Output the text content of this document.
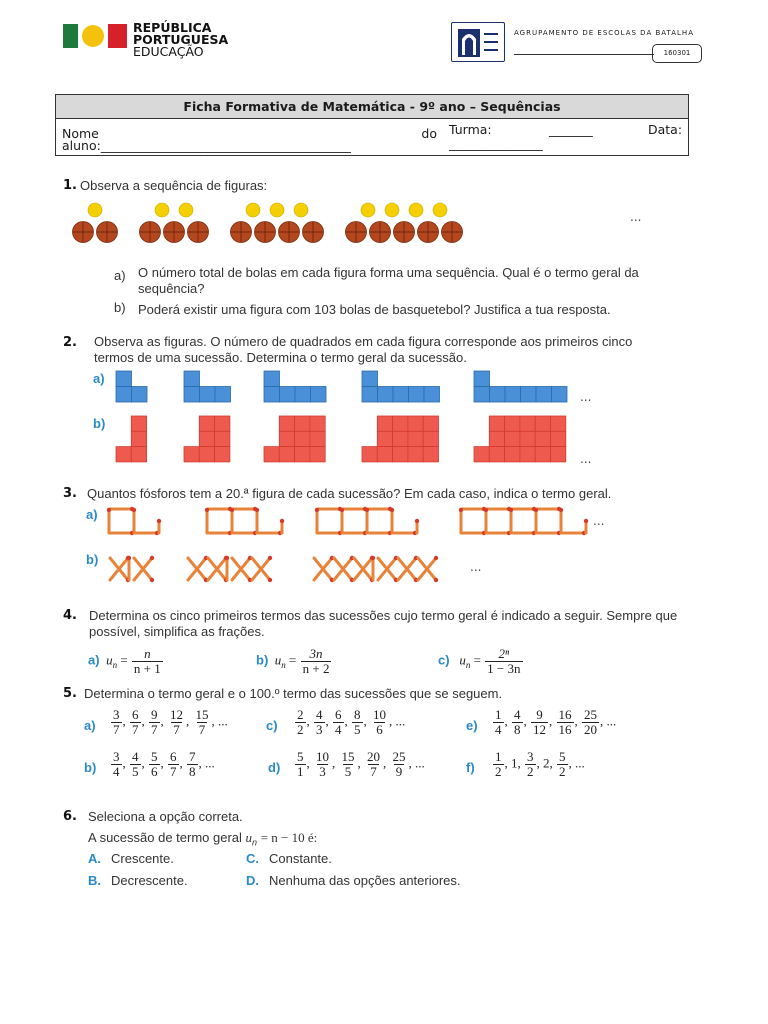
REPÚBLICA
PORTUGUESA
EDUCAÇÃO
AGRUPAMENTO DE ESCOLAS DA BATALHA
160301
Ficha Formativa de Matemática - 9º ano – Sequências
Nome	do
aluno:________________________________________
Turma:	_______	Data:
_______________
1. Observa a sequência de figuras:
...
a) O número total de bolas em cada figura forma uma sequência. Qual é o termo geral da sequência?
b) Poderá existir uma figura com 103 bolas de basquetebol? Justifica a tua resposta.
2. Observa as figuras. O número de quadrados em cada figura corresponde aos primeiros cinco termos de uma sucessão. Determina o termo geral da sucessão.
a)
...
b)
...
3. Quantos fósforos tem a 20.ª figura de cada sucessão? Em cada caso, indica o termo geral.
a)	...
b)	...
4. Determina os cinco primeiros termos das sucessões cujo termo geral é indicado a seguir. Sempre que possível, simplifica as frações.
a) $u_n = \frac{n}{n + 1}$	b) $u_n = \frac{3n}{n + 2}$	c) $u_n = \frac{\text{2ⁿ}}{1 - 3n}$
5. Determina o termo geral e o 100.º termo das sucessões que se seguem.
$a) \frac{3}{7}$ , $\frac{6}{7}$ , $\frac{9}{7}$ , $\frac{12}{7}$ , $\frac{15}{7}$ , ...	$c) \frac{2}{2}$ , $\frac{4}{3}$ , $\frac{6}{4}$ , $\frac{8}{5}$ , $\frac{10}{6}$ , ...	$e) \frac{1}{4}$ , $\frac{4}{8}$ , $\frac{9}{12}$ , $\frac{16}{16}$ , $\frac{25}{20}$ , ...
$b) \frac{3}{4}$ , $\frac{4}{5}$ , $\frac{5}{6}$ , $\frac{6}{7}$ , $\frac{7}{8}$ , ...	$d) \frac{5}{1}$ , $\frac{10}{3}$ , $\frac{15}{5}$ , $\frac{20}{7}$ , $\frac{25}{9}$ , ...	$f) \frac{1}{2}$ , 1, $\frac{3}{2}$ , 2, $\frac{5}{2}$ , ...
6. Seleciona a opção correta.
A sucessão de termo geral $u_n = n - 10$ é:
A. Crescente.
B. Decrescente.
C. Constante.
D. Nenhuma das opções anteriores.
